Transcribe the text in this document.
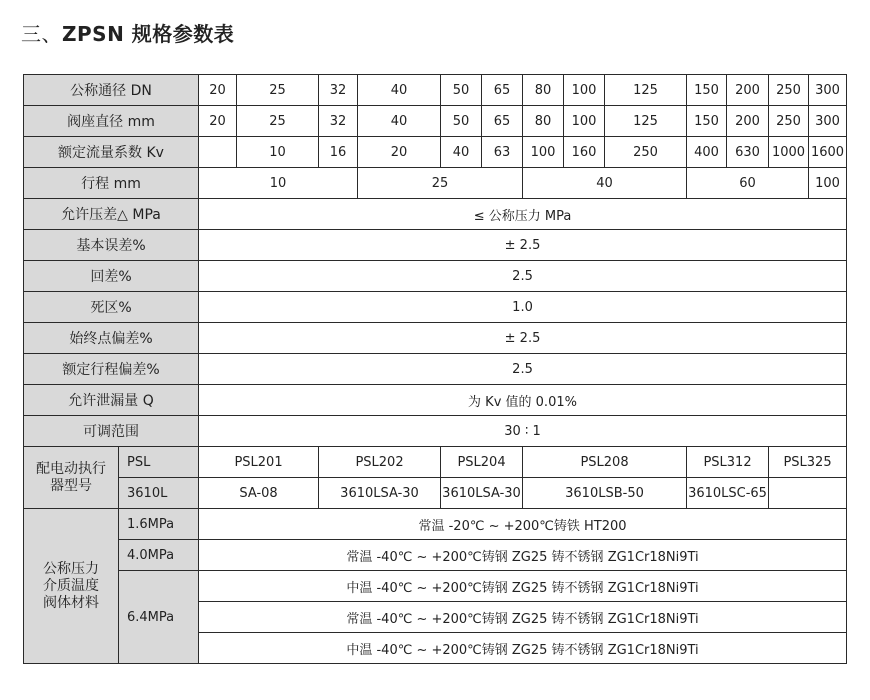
三、ZPSN 规格参数表
公称通径 DN		20	25	32	40	50	65	80	100	125	150	200	250	300
阀座直径 mm		20	25	32	40	50	65	80	100	125	150	200	250	300
额定流量系数 Kv			10	16	20	40	63	100	160	250	400	630	1000	1600
行程 mm		10			25			40			60			100
允许压差△ MPa		≤ 公称压力 MPa												
基本误差%		± 2.5												
回差%		2.5												
死区%		1.0												
始终点偏差%		± 2.5												
额定行程偏差%		2.5												
允许泄漏量 Q		为 Kv 值的 0.01%												
可调范围		30 ∶ 1												
配电动执行器型号	PSL	PSL201		PSL202		PSL204		PSL208			PSL312		PSL325	
	3610L	SA-08		3610LSA-30		3610LSA-30		3610LSB-50			3610LSC-65			
公称压力介质温度阀体材料	1.6MPa	常温 -20℃ ~ +200℃铸铁 HT200												
	4.0MPa	常温 -40℃ ~ +200℃铸钢 ZG25 铸不锈钢 ZG1Cr18Ni9Ti												
	6.4MPa	中温 -40℃ ~ +200℃铸钢 ZG25 铸不锈钢 ZG1Cr18Ni9Ti												
		常温 -40℃ ~ +200℃铸钢 ZG25 铸不锈钢 ZG1Cr18Ni9Ti												
		中温 -40℃ ~ +200℃铸钢 ZG25 铸不锈钢 ZG1Cr18Ni9Ti												
